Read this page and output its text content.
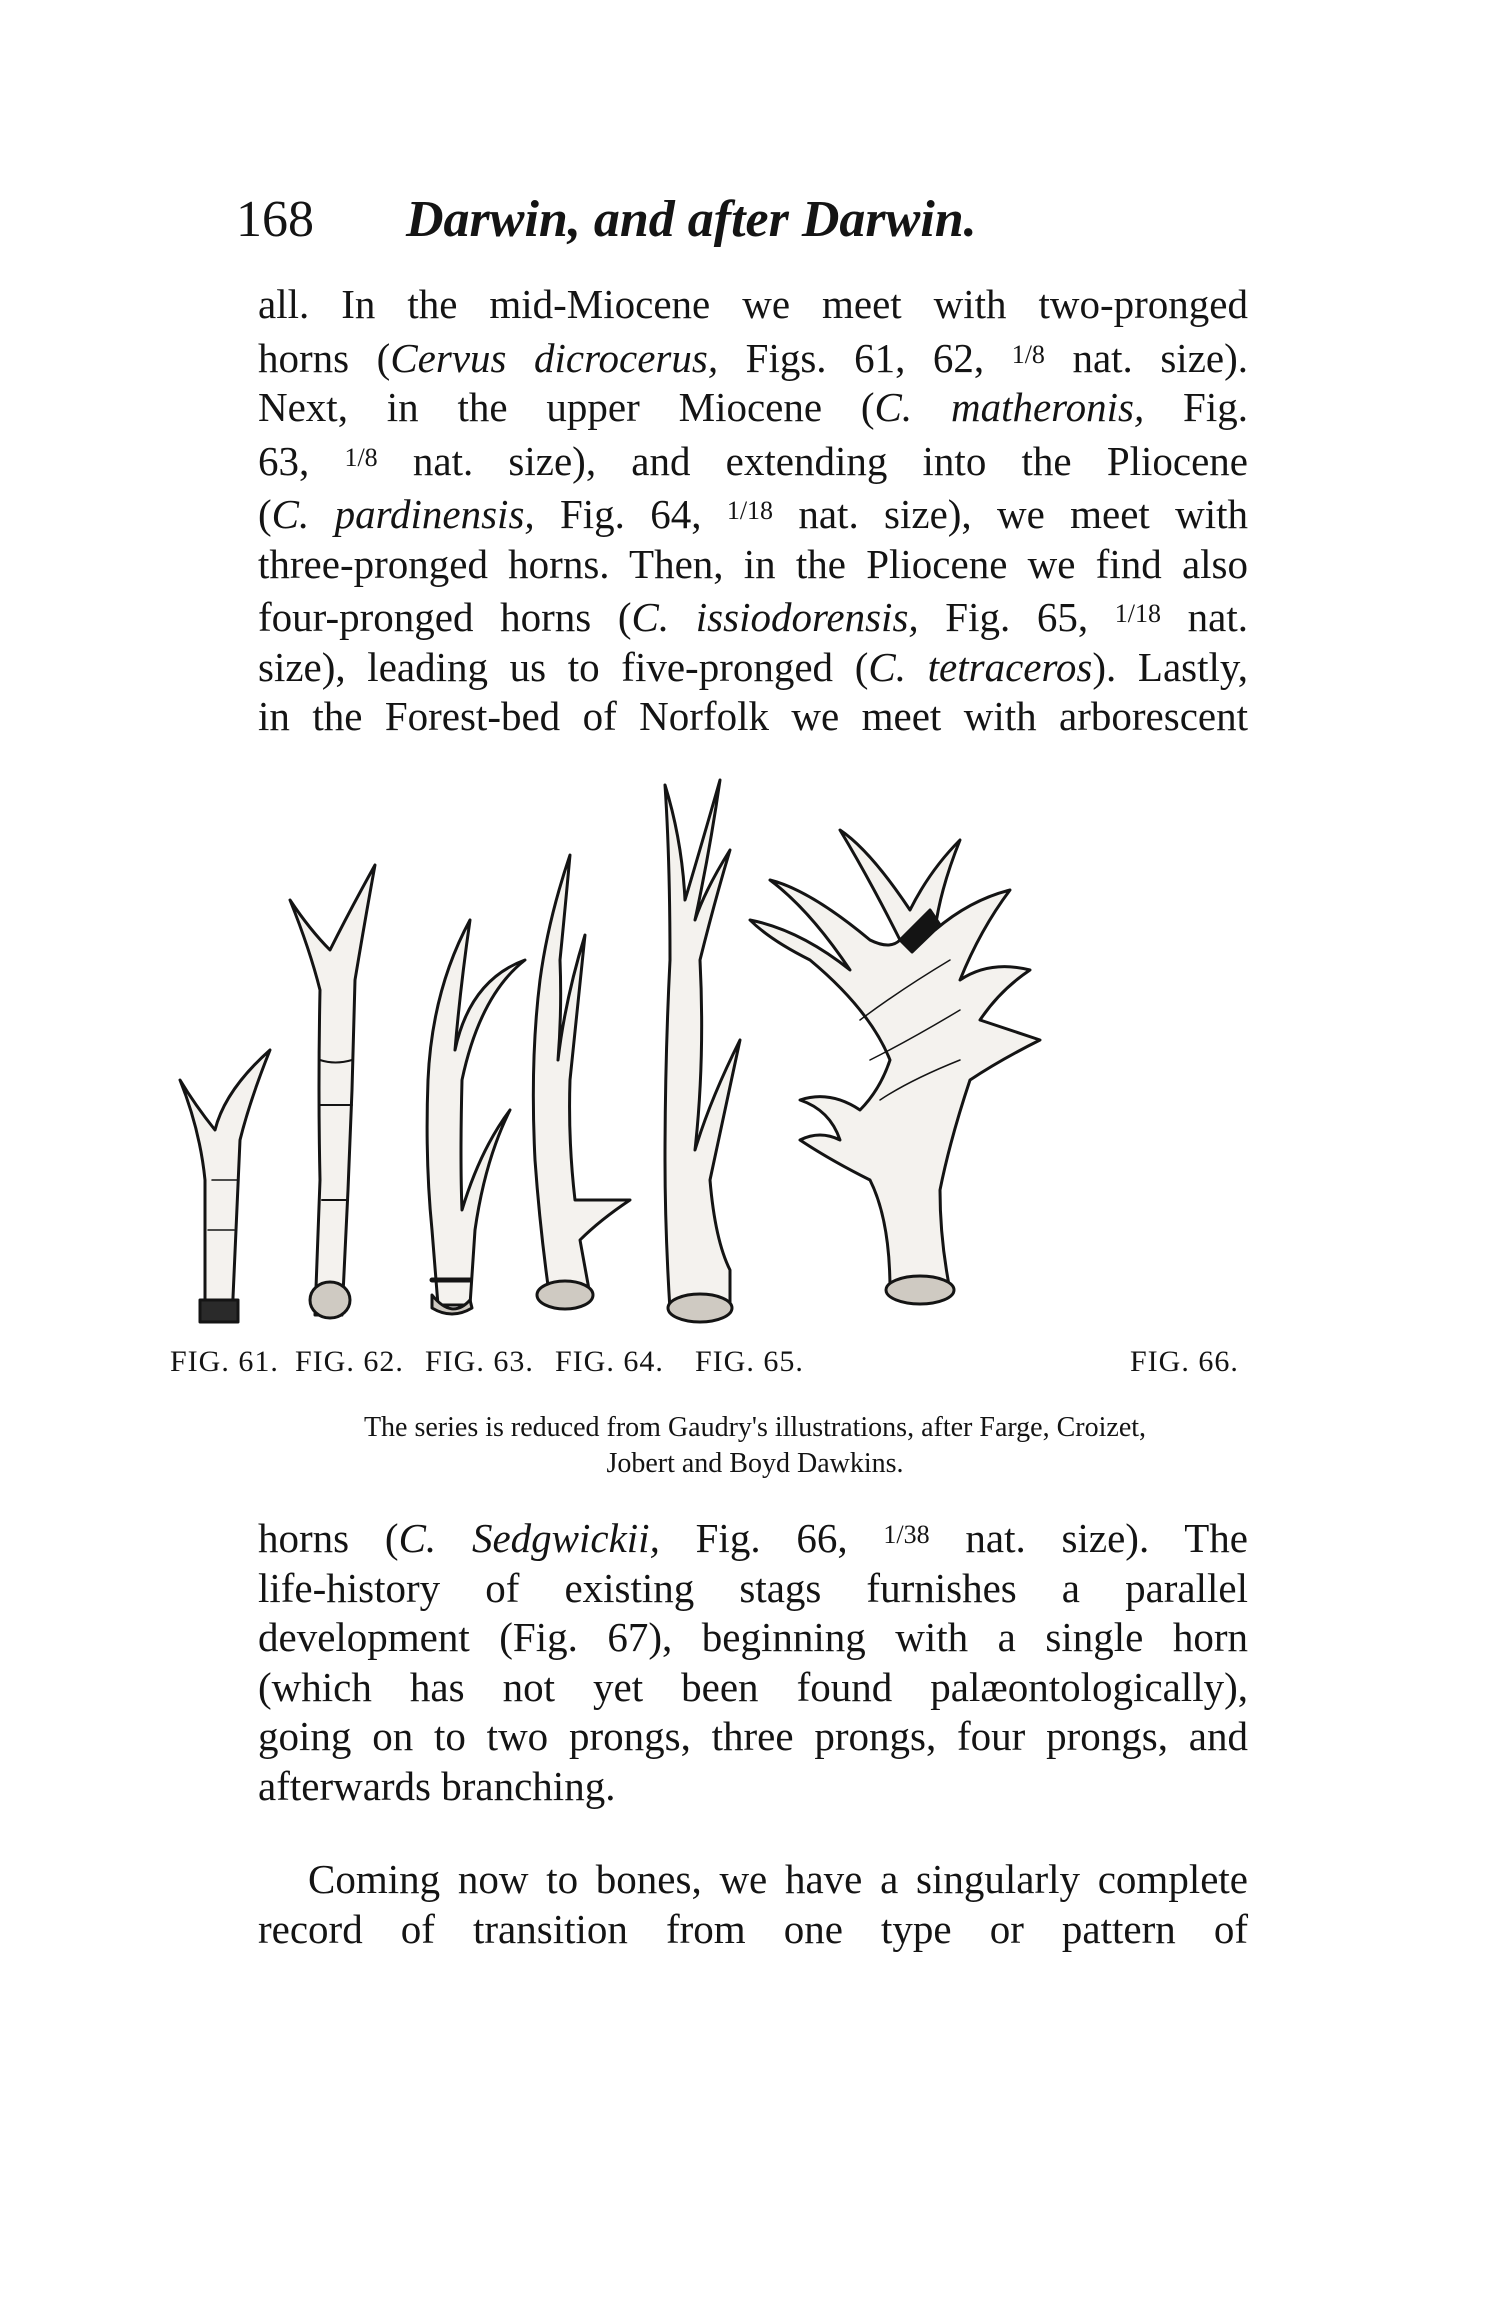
168 Darwin, and after Darwin.
all. In the mid-Miocene we meet with two-pronged
horns (Cervus dicrocerus, Figs. 61, 62, $^{1/8}$ nat. size).
Next, in the upper Miocene (C. matheronis, Fig.
63, $^{1/8}$ nat. size), and extending into the Pliocene
(C. pardinensis, Fig. 64, $^{1/18}$ nat. size), we meet with
three-pronged horns. Then, in the Pliocene we find also
four-pronged horns (C. issiodorensis, Fig. 65, $^{1/18}$ nat.
size), leading us to five-pronged (C. tetraceros). Lastly,
in the Forest-bed of Norfolk we meet with arborescent
FIG. 61. FIG. 62. FIG. 63. FIG. 64. FIG. 65.	FIG. 66.
The series is reduced from Gaudry's illustrations, after Farge, Croizet,
Jobert and Boyd Dawkins.
horns (C. Sedgwickii, Fig. 66, $^{1/38}$ nat. size). The
life-history of existing stags furnishes a parallel
development (Fig. 67), beginning with a single horn
(which has not yet been found palæontologically),
going on to two prongs, three prongs, four prongs, and
afterwards branching.
Coming now to bones, we have a singularly complete
record of transition from one type or pattern of
